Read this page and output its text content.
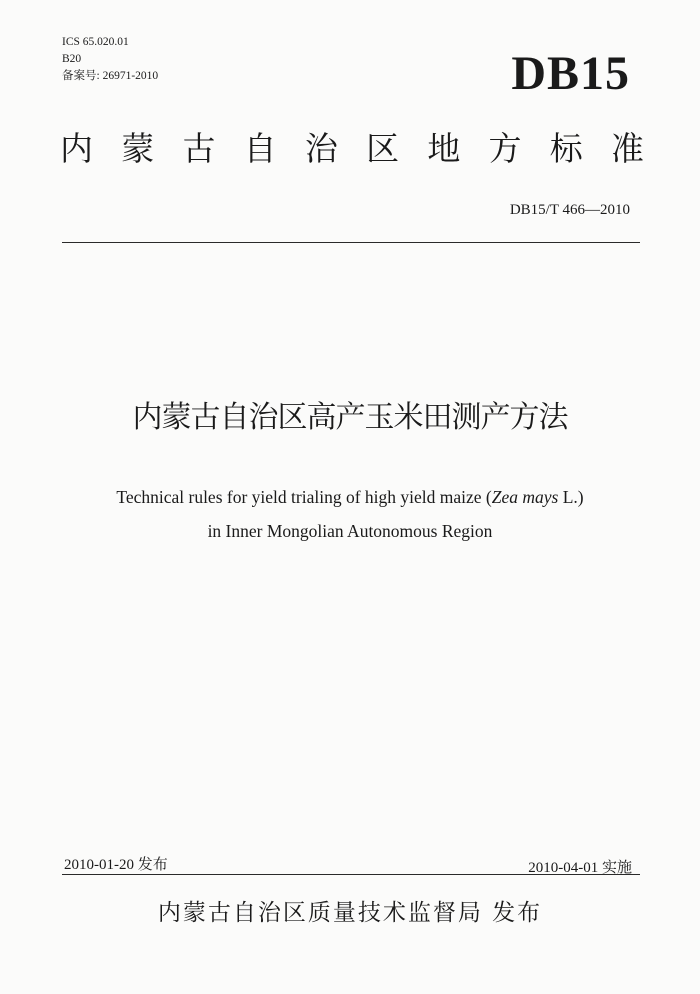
ICS 65.020.01
B20
备案号: 26971-2010	DB15
内 蒙 古 自 治 区 地 方 标 准
DB15/T 466—2010
内蒙古自治区高产玉米田测产方法
Technical rules for yield trialing of high yield maize (Zea mays L.)
in Inner Mongolian Autonomous Region
2010-01-20 发布	2010-04-01 实施
内蒙古自治区质量技术监督局 发布
